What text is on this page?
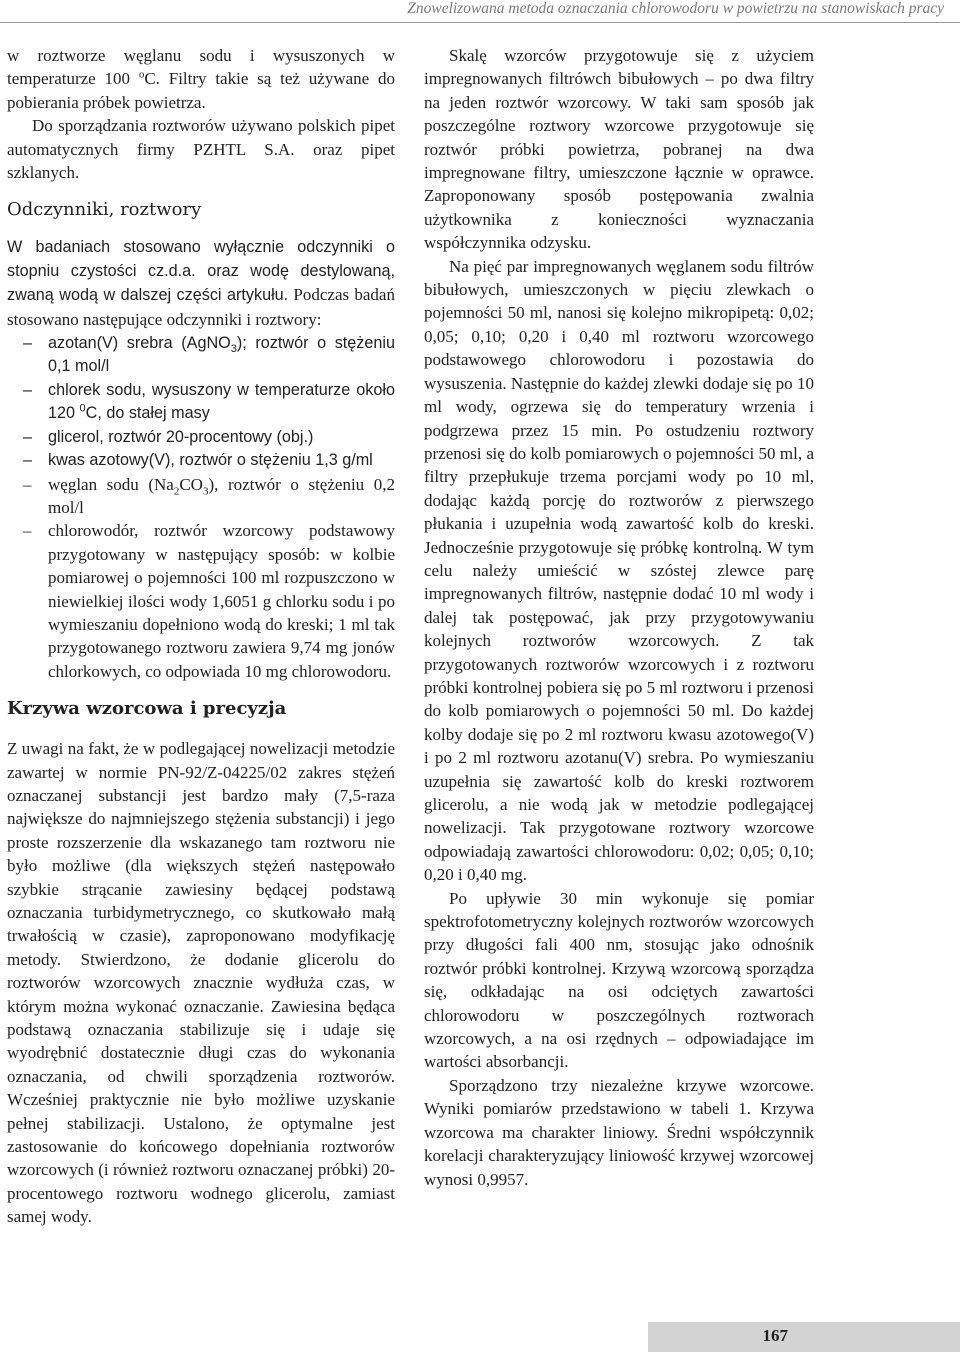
Znowelizowana metoda oznaczania chlorowodoru w powietrzu na stanowiskach pracy

w roztworze węglanu sodu i wysuszonych w temperaturze 100 $^o$C. Filtry takie są też używane do pobierania próbek powietrza.

Do sporządzania roztworów używano polskich pipet automatycznych firmy PZHTL S.A. oraz pipet szklanych.

Odczynniki, roztwory

W badaniach stosowano wyłącznie odczynniki o stopniu czystości cz.d.a. oraz wodę destylowaną, zwaną wodą w dalszej części artykułu. Podczas badań stosowano następujące odczynniki i roztwory:

– azotan(V) srebra (AgNO$_3$); roztwór o stężeniu 0,1 mol/l
– chlorek sodu, wysuszony w temperaturze około 120 $^0$C, do stałej masy
– glicerol, roztwór 20-procentowy (obj.)
– kwas azotowy(V), roztwór o stężeniu 1,3 g/ml
– węglan sodu $(Na_2CO_3)$, roztwór o stężeniu 0,2 mol/l
– chlorowodór, roztwór wzorcowy podstawowy przygotowany w następujący sposób: w kolbie pomiarowej o pojemności 100 ml rozpuszczono w niewielkiej ilości wody 1,6051 g chlorku sodu i po wymieszaniu dopełniono wodą do kreski; 1 ml tak przygotowanego roztworu zawiera 9,74 mg jonów chlorkowych, co odpowiada 10 mg chlorowodoru.
Krzywa wzorcowa i precyzja

Z uwagi na fakt, że w podlegającej nowelizacji metodzie zawartej w normie PN-92/Z-04225/02 zakres stężeń oznaczanej substancji jest bardzo mały (7,5-raza największe do najmniejszego stężenia substancji) i jego proste rozszerzenie dla wskazanego tam roztworu nie było możliwe (dla większych stężeń następowało szybkie strącanie zawiesiny będącej podstawą oznaczania turbidymetrycznego, co skutkowało małą trwałością w czasie), zaproponowano modyfikację metody. Stwierdzono, że dodanie glicerolu do roztworów wzorcowych znacznie wydłuża czas, w którym można wykonać oznaczanie. Zawiesina będąca podstawą oznaczania stabilizuje się i udaje się wyodrębnić dostatecznie długi czas do wykonania oznaczania, od chwili sporządzenia roztworów. Wcześniej praktycznie nie było możliwe uzyskanie pełnej stabilizacji. Ustalono, że optymalne jest zastosowanie do końcowego dopełniania roztworów wzorcowych (i również roztworu oznaczanej próbki) 20-procentowego roztworu wodnego glicerolu, zamiast samej wody.

Skalę wzorców przygotowuje się z użyciem impregnowanych filtrówch bibułowych – po dwa filtry na jeden roztwór wzorcowy. W taki sam sposób jak poszczególne roztwory wzorcowe przygotowuje się roztwór próbki powietrza, pobranej na dwa impregnowane filtry, umieszczone łącznie w oprawce. Zaproponowany sposób postępowania zwalnia użytkownika z konieczności wyznaczania współczynnika odzysku.

Na pięć par impregnowanych węglanem sodu filtrów bibułowych, umieszczonych w pięciu zlewkach o pojemności 50 ml, nanosi się kolejno mikropipetą: 0,02; 0,05; 0,10; 0,20 i 0,40 ml roztworu wzorcowego podstawowego chlorowodoru i pozostawia do wysuszenia. Następnie do każdej zlewki dodaje się po 10 ml wody, ogrzewa się do temperatury wrzenia i podgrzewa przez 15 min. Po ostudzeniu roztwory przenosi się do kolb pomiarowych o pojemności 50 ml, a filtry przepłukuje trzema porcjami wody po 10 ml, dodając każdą porcję do roztworów z pierwszego płukania i uzupełnia wodą zawartość kolb do kreski. Jednocześnie przygotowuje się próbkę kontrolną. W tym celu należy umieścić w szóstej zlewce parę impregnowanych filtrów, następnie dodać 10 ml wody i dalej tak postępować, jak przy przygotowywaniu kolejnych roztworów wzorcowych. Z tak przygotowanych roztworów wzorcowych i z roztworu próbki kontrolnej pobiera się po 5 ml roztworu i przenosi do kolb pomiarowych o pojemności 50 ml. Do każdej kolby dodaje się po 2 ml roztworu kwasu azotowego(V) i po 2 ml roztworu azotanu(V) srebra. Po wymieszaniu uzupełnia się zawartość kolb do kreski roztworem glicerolu, a nie wodą jak w metodzie podlegającej nowelizacji. Tak przygotowane roztwory wzorcowe odpowiadają zawartości chlorowodoru: 0,02; 0,05; 0,10; 0,20 i 0,40 mg.

Po upływie 30 min wykonuje się pomiar spektrofotometryczny kolejnych roztworów wzorcowych przy długości fali 400 nm, stosując jako odnośnik roztwór próbki kontrolnej. Krzywą wzorcową sporządza się, odkładając na osi odciętych zawartości chlorowodoru w poszczególnych roztworach wzorcowych, a na osi rzędnych – odpowiadające im wartości absorbancji.

Sporządzono trzy niezależne krzywe wzorcowe. Wyniki pomiarów przedstawiono w tabeli 1. Krzywa wzorcowa ma charakter liniowy. Średni współczynnik korelacji charakteryzujący liniowość krzywej wzorcowej wynosi 0,9957.

167
